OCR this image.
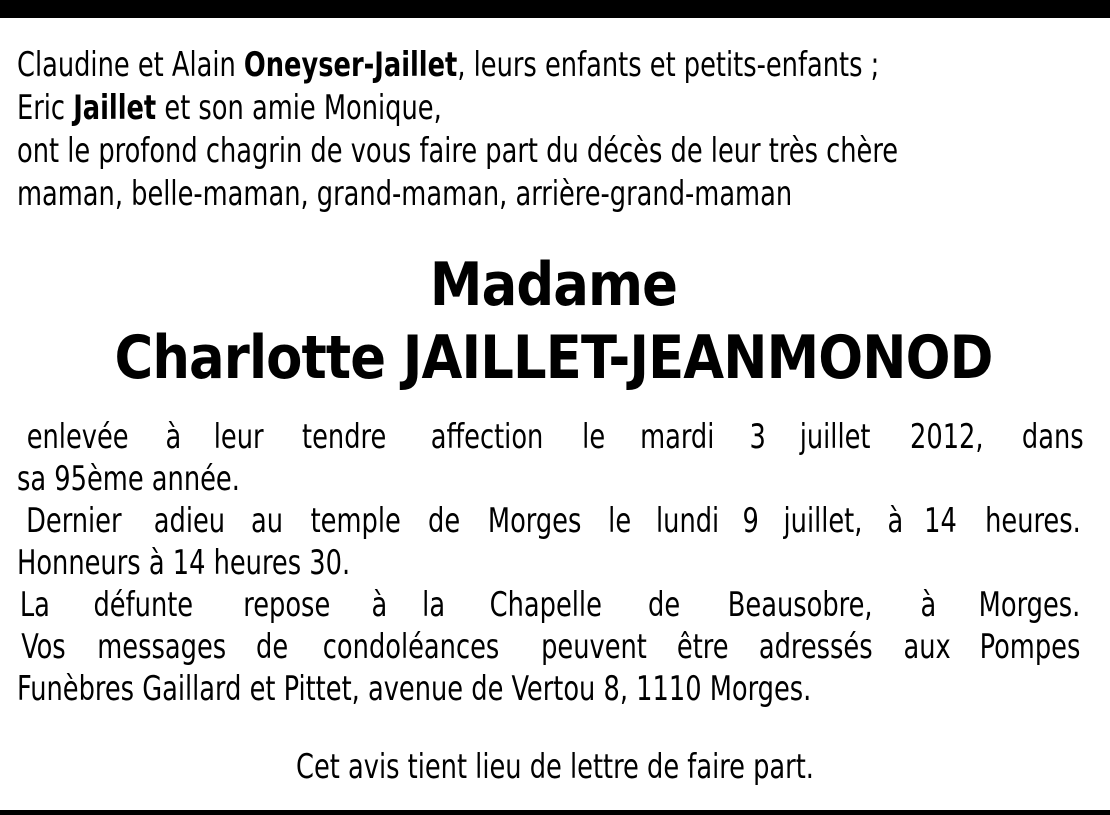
Claudine et Alain Oneyser-Jaillet, leurs enfants et petits-enfants ;
Eric Jaillet et son amie Monique,
ont le profond chagrin de vous faire part du décès de leur très chère
maman, belle-maman, grand-maman, arrière-grand-maman
Madame
Charlotte JAILLET-JEANMONOD
enlevée à leur tendre affection le mardi 3 juillet 2012, dans
sa 95ème année.
Dernier adieu au temple de Morges le lundi 9 juillet, à 14 heures.
Honneurs à 14 heures 30.
La défunte repose à la Chapelle de Beausobre, à Morges.
Vos messages de condoléances peuvent être adressés aux Pompes
Funèbres Gaillard et Pittet, avenue de Vertou 8, 1110 Morges.
Cet avis tient lieu de lettre de faire part.
